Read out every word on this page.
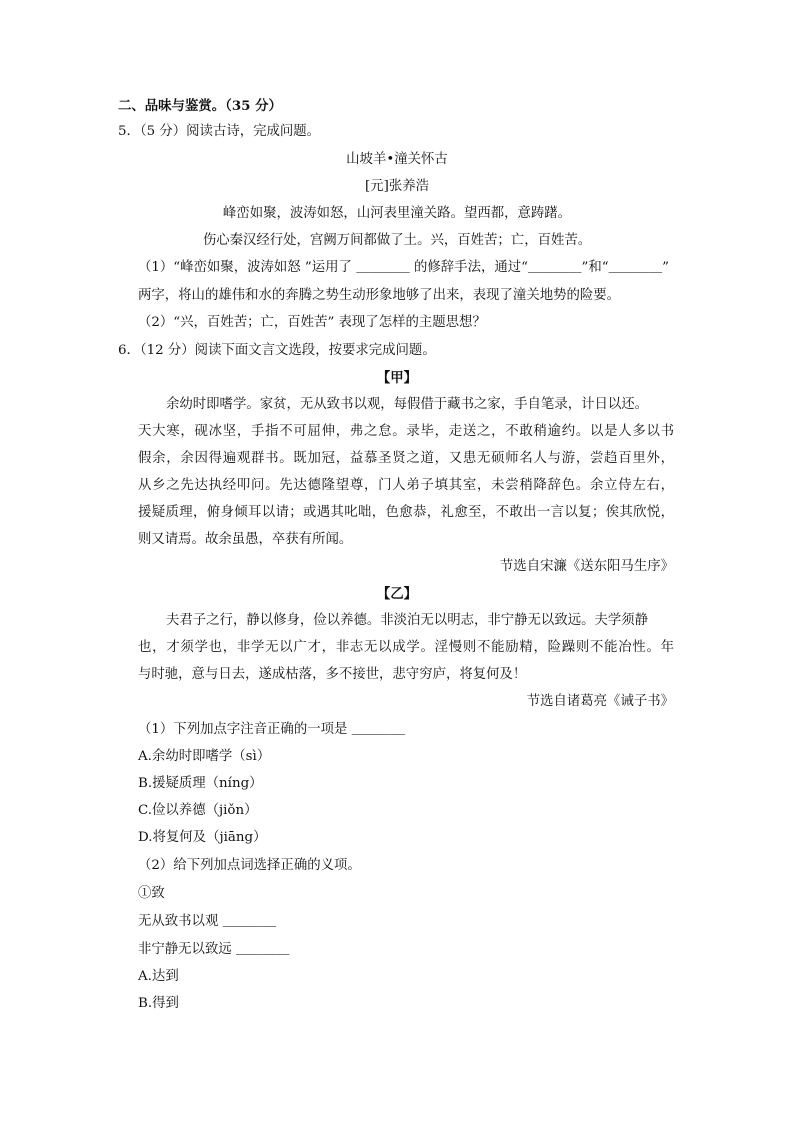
二、品味与鉴赏。（35 分）
5．（5 分）阅读古诗，完成问题。
山坡羊•潼关怀古
[元]张养浩
峰峦如聚，波涛如怒，山河表里潼关路。望西都，意踌躇。
伤心秦汉经行处，宫阙万间都做了土。兴，百姓苦；亡，百姓苦。
（1）“峰峦如聚，波涛如怒 ”运用了 ＿＿＿＿ 的修辞手法，通过“＿＿＿＿”和“＿＿＿＿”
两字，将山的雄伟和水的奔腾之势生动形象地够了出来，表现了潼关地势的险要。
（2）“兴，百姓苦；亡，百姓苦” 表现了怎样的主题思想？
6．（12 分）阅读下面文言文选段，按要求完成问题。
【甲】
余幼时即嗜学。家贫，无从致书以观，每假借于藏书之家，手自笔录，计日以还。
天大寒，砚冰坚，手指不可屈伸，弗之怠。录毕，走送之，不敢稍逾约。以是人多以书
假余，余因得遍观群书。既加冠，益慕圣贤之道，又患无硕师名人与游，尝趋百里外，
从乡之先达执经叩问。先达德隆望尊，门人弟子填其室，未尝稍降辞色。余立侍左右，
援疑质理，俯身倾耳以请；或遇其叱咄，色愈恭，礼愈至，不敢出一言以复；俟其欣悦，
则又请焉。故余虽愚，卒获有所闻。
节选自宋濂《送东阳马生序》
【乙】
夫君子之行，静以修身，俭以养德。非淡泊无以明志，非宁静无以致远。夫学须静
也，才须学也，非学无以广才，非志无以成学。淫慢则不能励精，险躁则不能冶性。年
与时驰，意与日去，遂成枯落，多不接世，悲守穷庐，将复何及！
节选自诸葛亮《诫子书》
（1）下列加点字注音正确的一项是 ＿＿＿＿
A.余幼时即嗜学（sì）
B.援疑质理（níng）
C.俭以养德（jiǒn）
D.将复何及（jiāng）
（2）给下列加点词选择正确的义项。
①致
无从致书以观 ＿＿＿＿
非宁静无以致远 ＿＿＿＿
A.达到
B.得到
